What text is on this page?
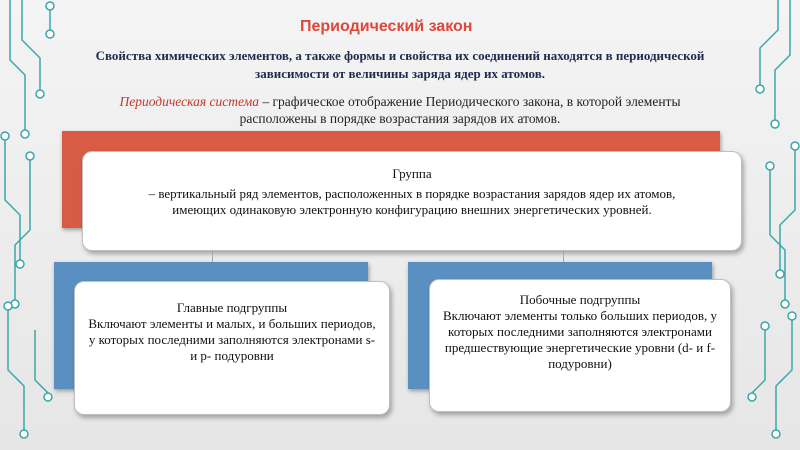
Периодический закон
Свойства химических элементов, а также формы и свойства их соединений находятся в периодической зависимости от величины заряда ядер их атомов.
Периодическая система – графическое отображение Периодического закона, в которой элементы расположены в порядке возрастания зарядов их атомов.
Группа
– вертикальный ряд элементов, расположенных в порядке возрастания зарядов ядер их атомов,
имеющих одинаковую электронную конфигурацию внешних энергетических уровней.
Главные подгруппы
Включают элементы и малых, и больших периодов, у которых последними заполняются электронами s- и p- подуровни
Побочные подгруппы
Включают элементы только больших периодов, у которых последними заполняются электронами предшествующие энергетические уровни (d- и f- подуровни)
